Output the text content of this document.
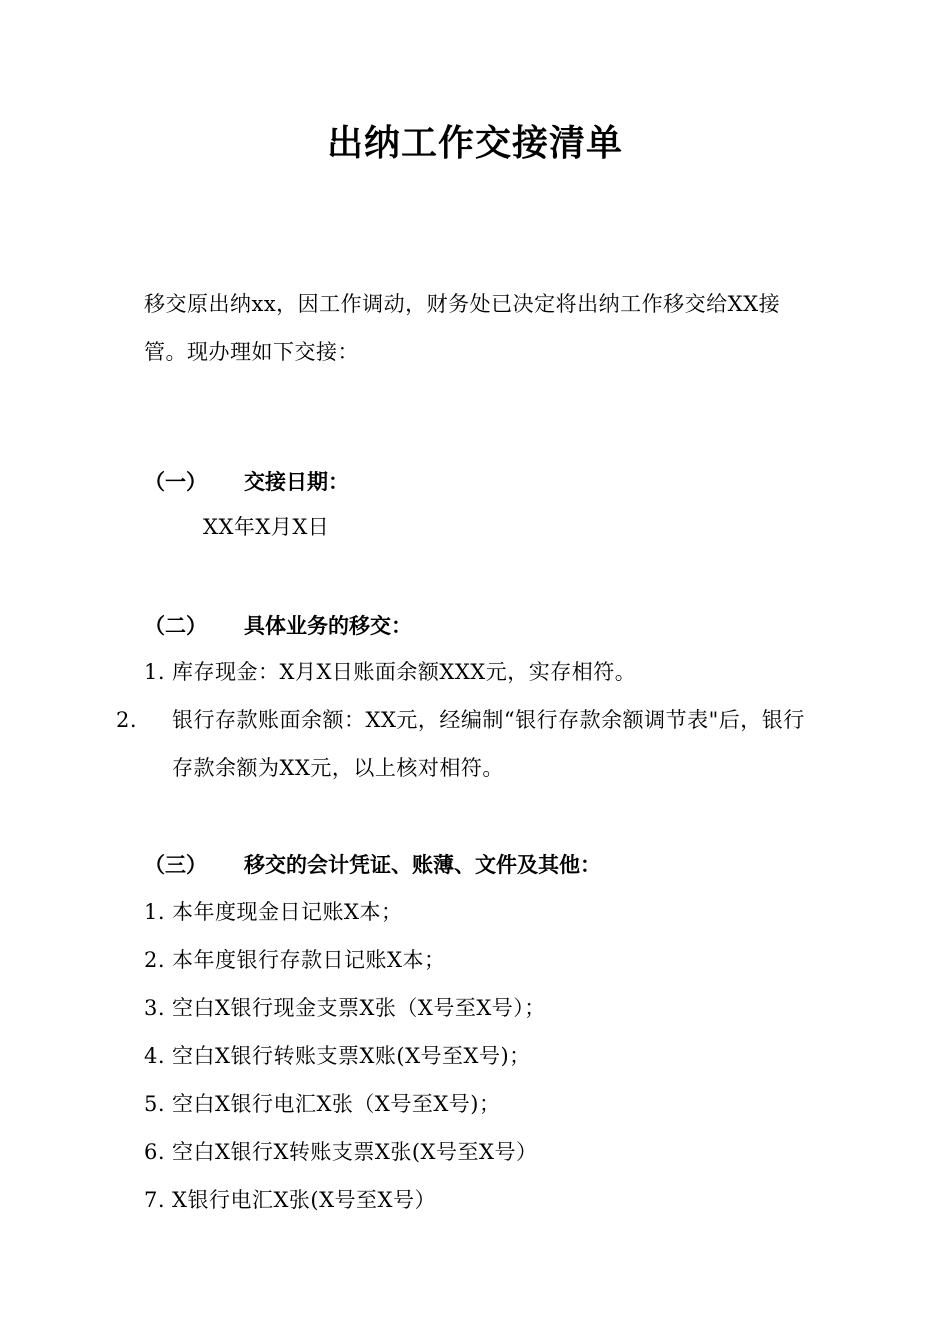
出纳工作交接清单
移交原出纳xx，因工作调动，财务处已决定将出纳工作移交给XX接管。现办理如下交接：
（一） 交接日期：
XX年X月X日
（二） 具体业务的移交：
1. 库存现金：X月X日账面余额XXX元，实存相符。
2. 银行存款账面余额：XX元，经编制“银行存款余额调节表"后，银行存款余额为XX元，以上核对相符。
（三） 移交的会计凭证、账薄、文件及其他：
1. 本年度现金日记账X本；
2. 本年度银行存款日记账X本；
3. 空白X银行现金支票X张（X号至X号）；
4. 空白X银行转账支票X账(X号至X号)；
5. 空白X银行电汇X张（X号至X号)；
6. 空白X银行X转账支票X张(X号至X号）
7. X银行电汇X张(X号至X号）
